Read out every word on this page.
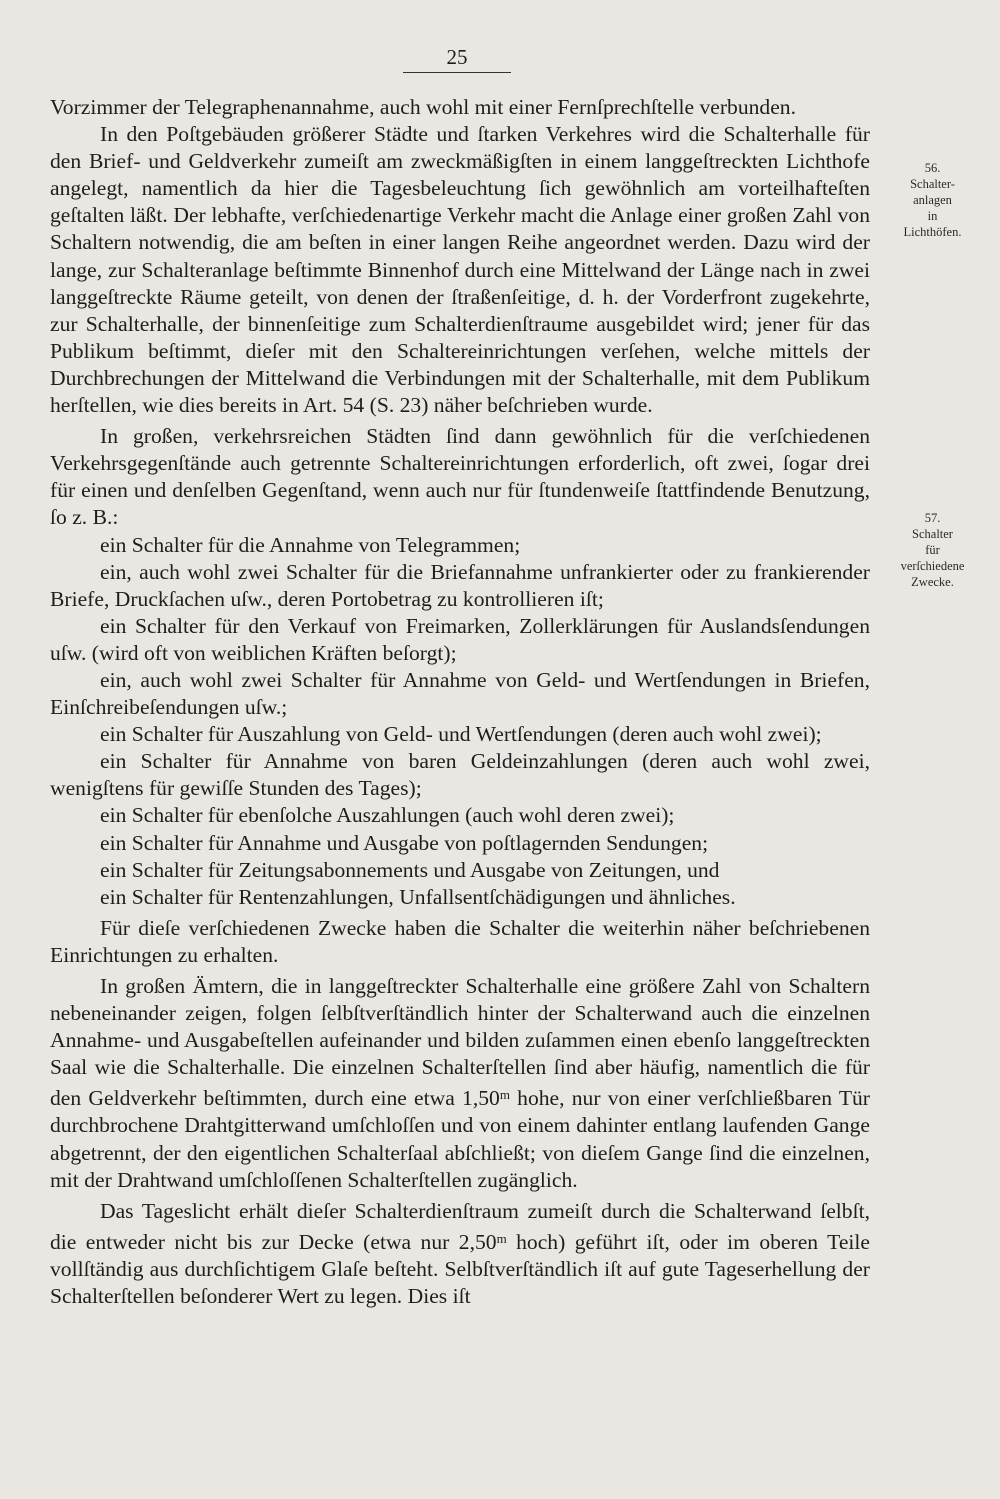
25
56.
Schalter-
anlagen
in
Lichthöfen.
57.
Schalter
für
verſchiedene
Zwecke.

Vorzimmer der Telegraphenannahme, auch wohl mit einer Fernſprechſtelle verbunden.

In den Poſtgebäuden größerer Städte und ſtarken Verkehres wird die Schalterhalle für den Brief- und Geldverkehr zumeiſt am zweckmäßigſten in einem langgeſtreckten Lichthofe angelegt, namentlich da hier die Tagesbeleuchtung ſich gewöhnlich am vorteilhafteſten geſtalten läßt. Der lebhafte, verſchiedenartige Verkehr macht die Anlage einer großen Zahl von Schaltern notwendig, die am beſten in einer langen Reihe angeordnet werden. Dazu wird der lange, zur Schalteranlage beſtimmte Binnenhof durch eine Mittelwand der Länge nach in zwei langgeſtreckte Räume geteilt, von denen der ſtraßenſeitige, d. h. der Vorderfront zugekehrte, zur Schalterhalle, der binnenſeitige zum Schalterdienſtraume ausgebildet wird; jener für das Publikum beſtimmt, dieſer mit den Schaltereinrichtungen verſehen, welche mittels der Durchbrechungen der Mittelwand die Verbindungen mit der Schalterhalle, mit dem Publikum herſtellen, wie dies bereits in Art. 54 (S. 23) näher beſchrieben wurde.

In großen, verkehrsreichen Städten ſind dann gewöhnlich für die verſchiedenen Verkehrsgegenſtände auch getrennte Schaltereinrichtungen erforderlich, oft zwei, ſogar drei für einen und denſelben Gegenſtand, wenn auch nur für ſtundenweiſe ſtattfindende Benutzung, ſo z. B.:

ein Schalter für die Annahme von Telegrammen;

ein, auch wohl zwei Schalter für die Briefannahme unfrankierter oder zu frankierender Briefe, Druckſachen uſw., deren Portobetrag zu kontrollieren iſt;

ein Schalter für den Verkauf von Freimarken, Zollerklärungen für Auslandsſendungen uſw. (wird oft von weiblichen Kräften beſorgt);

ein, auch wohl zwei Schalter für Annahme von Geld- und Wertſendungen in Briefen, Einſchreibeſendungen uſw.;

ein Schalter für Auszahlung von Geld- und Wertſendungen (deren auch wohl zwei);

ein Schalter für Annahme von baren Geldeinzahlungen (deren auch wohl zwei, wenigſtens für gewiſſe Stunden des Tages);

ein Schalter für ebenſolche Auszahlungen (auch wohl deren zwei);

ein Schalter für Annahme und Ausgabe von poſtlagernden Sendungen;

ein Schalter für Zeitungsabonnements und Ausgabe von Zeitungen, und

ein Schalter für Rentenzahlungen, Unfallsentſchädigungen und ähnliches.

Für dieſe verſchiedenen Zwecke haben die Schalter die weiterhin näher beſchriebenen Einrichtungen zu erhalten.

In großen Ämtern, die in langgeſtreckter Schalterhalle eine größere Zahl von Schaltern nebeneinander zeigen, folgen ſelbſtverſtändlich hinter der Schalterwand auch die einzelnen Annahme- und Ausgabeſtellen aufeinander und bilden zuſammen einen ebenſo langgeſtreckten Saal wie die Schalterhalle. Die einzelnen Schalterſtellen ſind aber häufig, namentlich die für den Geldverkehr beſtimmten, durch eine etwa 1,50$^m$ hohe, nur von einer verſchließbaren Tür durchbrochene Drahtgitterwand umſchloſſen und von einem dahinter entlang laufenden Gange abgetrennt, der den eigentlichen Schalterſaal abſchließt; von dieſem Gange ſind die einzelnen, mit der Drahtwand umſchloſſenen Schalterſtellen zugänglich.

Das Tageslicht erhält dieſer Schalterdienſtraum zumeiſt durch die Schalterwand ſelbſt, die entweder nicht bis zur Decke (etwa nur 2,50$^m$ hoch) geführt iſt, oder im oberen Teile vollſtändig aus durchſichtigem Glaſe beſteht. Selbſtverſtändlich iſt auf gute Tageserhellung der Schalterſtellen beſonderer Wert zu legen. Dies iſt
